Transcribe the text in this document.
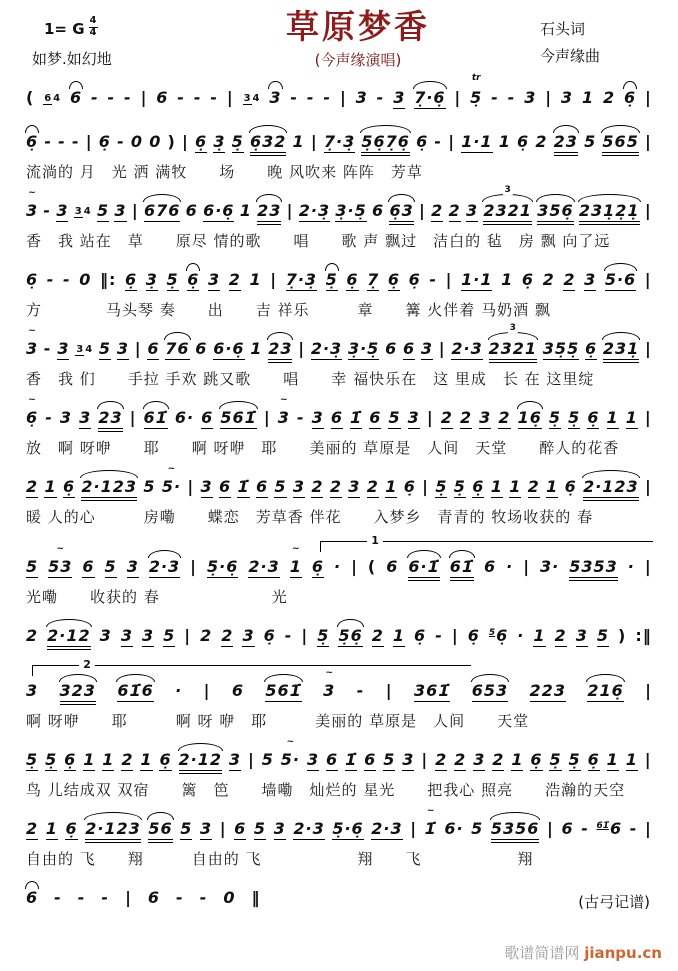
1= G $\frac{4}{4}$
如梦.如幻地
草原梦香
(今声缘演唱)
石头词
今声缘曲
( 6 4 6 - - - | 6 - - - | 3 4 3 - - - | 3 - 3 7̣·6̣ |
tr
5̣ - - 3 | 3 1 2 6̣ |
6̣ - - - | 6̣ - 0 0 ) | 6̣ 3̣ 5̣ 6̣32 1 | 7̣·3̣ 5̣6̣7̣6̣ 6̣ - | 1·1 1 6̣ 2 23 5 565 |
流淌的 月　光 洒 满牧　　场　　晚 风吹来 阵阵　芳草
~
3 - 3 3 4 5 3 | 676 6 6·6̣ 1 23 | 2·3̣ 3̣·5̣ 6 6̣3 | 2 2 3
3
2321 356̣ 231̣2̣1̣ |
香　我 站在　草　　原尽 情的歌　　唱　　歌 声 飘过　洁白的 毡　房 飘 向了远
6̣ - - 0 ‖: 6̣ 3̣ 5̣ 6̣ 3 2 1 | 7̣·3̣ 5̣ 6̣ 7̣ 6̣ 6̣ - | 1·1 1 6̣ 2 2 3 5·6 |
方　　　　马头琴 奏　　出　　吉 祥乐　　　章　　篝 火伴着 马奶酒 飘
~
3 - 3 3 4 5 3 | 6 76 6 6·6̣ 1 23 | 2·3̣ 3̣·5̣ 6 6 3 | 2·3
3
2321 35̣5̣ 6̣ 231̣ |
香　我 们　　手拉 手欢 跳又歌　　唱　　幸 福快乐在　这 里成　长 在 这里绽
~
6̣ - 3 3 23 | 61̇ 6· 6 561̇ |
~
3 - 3 6 1̇ 6 5 3 | 2 2 3 2 16̣ 5̣ 5̣ 6̣ 1 1 |
放　啊 呀咿　　耶　　啊 呀咿　耶　　美丽的 草原是　人间　天堂　　醉人的花香
2 1 6̣ 2·123 5
~
5· | 3 6 1̇ 6 5 3 2 2 3 2 1 6̣ | 5̣ 5̣ 6̣ 1 1 2 1 6̣ 2·123 |
暖 人的心　　　房嘞　　蝶恋　芳草香 伴花　　入梦乡　青青的 牧场收获的 春
1
5
~
53 6 5 3 2·3 | 5̣·6̣ 2·3
~
1 6̣ · | ( 6 6·1̇ 61̇ 6 · | 3· 5353 · |
光嘞　　收获的 春　　　　　　　光
2 2·12 3 3 3 5 | 2 2 3 6̣ - | 5̣ 5̣6̣ 2 1 6̣ - | 6̣ $^5$6̣ · 1 2 3 5 ) :‖
2
3 323 61̇6 · | 6 561̇
~
3 - | 361̇ 653 223 216̣ |
啊 呀咿　　耶　　　啊 呀 咿　耶　　　美丽的 草原是　人间　　天堂
5̣ 5̣ 6̣ 1 1 2 1 6̣ 2·12 3 | 5
~
5· 3 6 1̇ 6 5 3 | 2 2 3 2 1 6̣ 5̣ 5̣ 6̣ 1 1 |
鸟 儿结成双 双宿　　篱　笆　　墙嘞　灿烂的 星光　　把我心 照亮　　浩瀚的天空
2 1 6̣ 2·123 56 5 3 | 6 5 3 2·3 5̣·6̣ 2·3 |
~
1̇ 6· 5 5356 | 6 - $^{61̇}$6 - |
自由的 飞　　翔　　　自由的 飞　　　　　　翔　　飞　　　　　　翔
6 - - - | 6 - - 0 ‖	(古弓记谱)
歌谱简谱网 jianpu.cn
